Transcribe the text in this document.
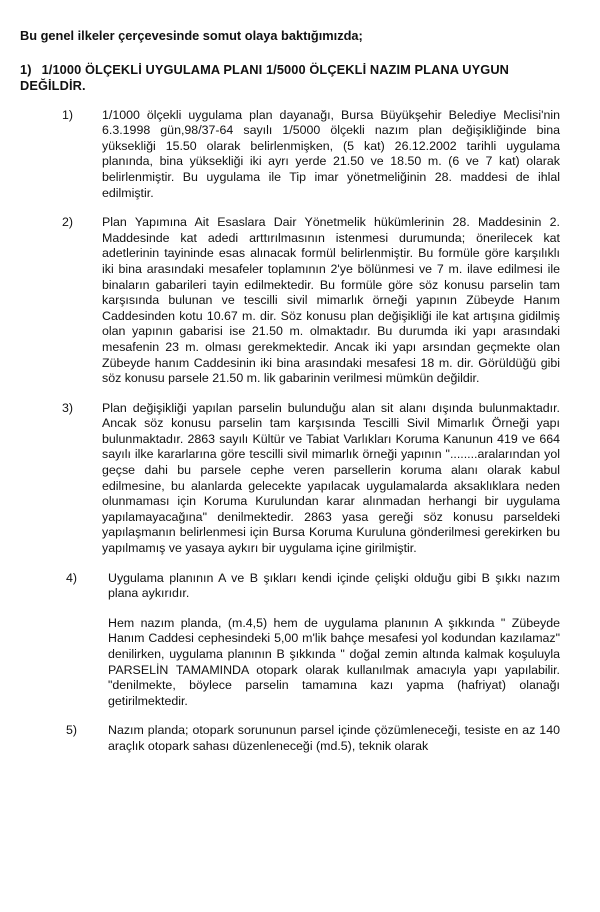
Bu genel ilkeler çerçevesinde somut olaya baktığımızda;

1) 1/1000 ÖLÇEKLİ UYGULAMA PLANI 1/5000 ÖLÇEKLİ NAZIM PLANA UYGUN DEĞİLDİR.
1) 1/1000 ölçekli uygulama plan dayanağı, Bursa Büyükşehir Belediye Meclisi'nin 6.3.1998 gün,98/37-64 sayılı 1/5000 ölçekli nazım plan değişikliğinde bina yüksekliği 15.50 olarak belirlenmişken, (5 kat) 26.12.2002 tarihli uygulama planında, bina yüksekliği iki ayrı yerde 21.50 ve 18.50 m. (6 ve 7 kat) olarak belirlenmiştir. Bu uygulama ile Tip imar yönetmeliğinin 28. maddesi de ihlal edilmiştir.

2) Plan Yapımına Ait Esaslara Dair Yönetmelik hükümlerinin 28. Maddesinin 2. Maddesinde kat adedi arttırılmasının istenmesi durumunda; önerilecek kat adetlerinin tayininde esas alınacak formül belirlenmiştir. Bu formüle göre karşılıklı iki bina arasındaki mesafeler toplamının 2'ye bölünmesi ve 7 m. ilave edilmesi ile binaların gabarileri tayin edilmektedir. Bu formüle göre söz konusu parselin tam karşısında bulunan ve tescilli sivil mimarlık örneği yapının Zübeyde Hanım Caddesinden kotu 10.67 m. dir. Söz konusu plan değişikliği ile kat artışına gidilmiş olan yapının gabarisi ise 21.50 m. olmaktadır. Bu durumda iki yapı arasındaki mesafenin 23 m. olması gerekmektedir. Ancak iki yapı arsından geçmekte olan Zübeyde hanım Caddesinin iki bina arasındaki mesafesi 18 m. dir. Görüldüğü gibi söz konusu parsele 21.50 m. lik gabarinin verilmesi mümkün değildir.

3) Plan değişikliği yapılan parselin bulunduğu alan sit alanı dışında bulunmaktadır. Ancak söz konusu parselin tam karşısında Tescilli Sivil Mimarlık Örneği yapı bulunmaktadır. 2863 sayılı Kültür ve Tabiat Varlıkları Koruma Kanunun 419 ve 664 sayılı ilke kararlarına göre tescilli sivil mimarlık örneği yapının "........aralarından yol geçse dahi bu parsele cephe veren parsellerin koruma alanı olarak kabul edilmesine, bu alanlarda gelecekte yapılacak uygulamalarda aksaklıklara neden olunmaması için Koruma Kurulundan karar alınmadan herhangi bir uygulama yapılamayacağına" denilmektedir. 2863 yasa gereği söz konusu parseldeki yapılaşmanın belirlenmesi için Bursa Koruma Kuruluna gönderilmesi gerekirken bu yapılmamış ve yasaya aykırı bir uygulama içine girilmiştir.

4) Uygulama planının A ve B şıkları kendi içinde çelişki olduğu gibi B şıkkı nazım plana aykırıdır.

Hem nazım planda, (m.4,5) hem de uygulama planının A şıkkında " Zübeyde Hanım Caddesi cephesindeki 5,00 m'lik bahçe mesafesi yol kodundan kazılamaz" denilirken, uygulama planının B şıkkında " doğal zemin altında kalmak koşuluyla PARSELİN TAMAMINDA otopark olarak kullanılmak amacıyla yapı yapılabilir. "denilmekte, böylece parselin tamamına kazı yapma (hafriyat) olanağı getirilmektedir.

5) Nazım planda; otopark sorununun parsel içinde çözümleneceği, tesiste en az 140 araçlık otopark sahası düzenleneceği (md.5), teknik olarak
